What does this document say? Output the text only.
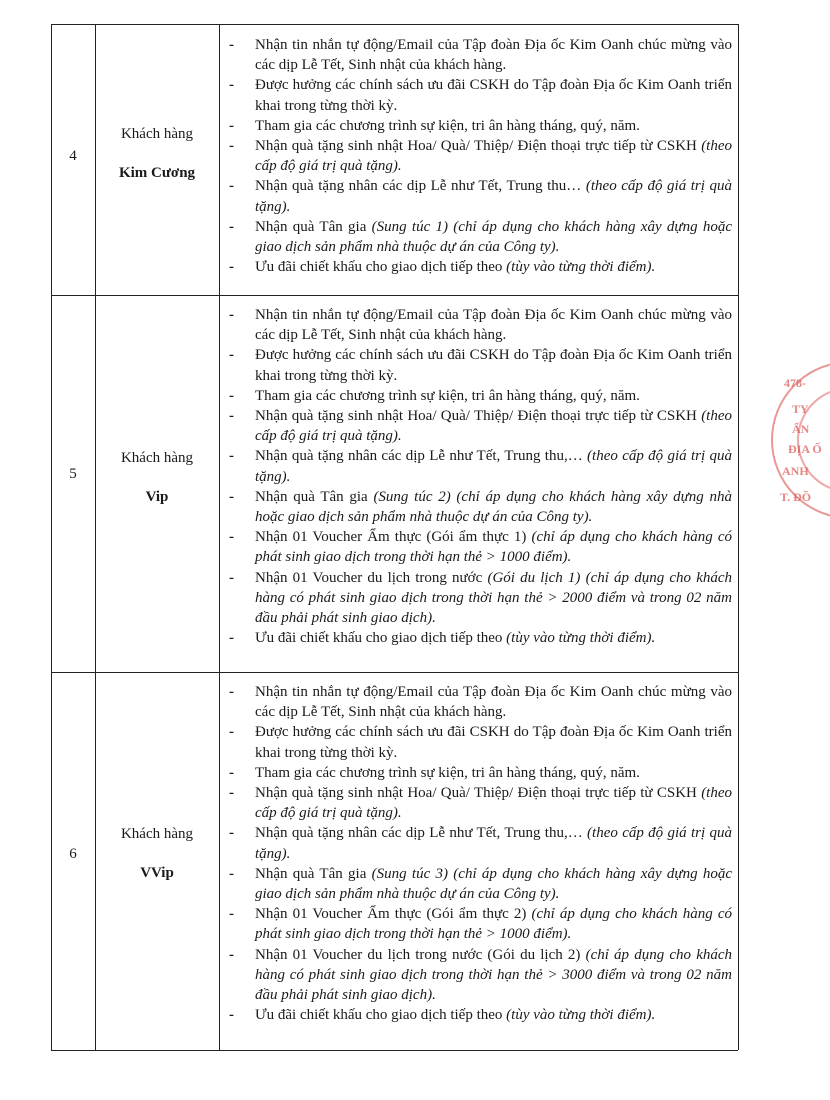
4
Khách hàng
Kim Cương
- Nhận tin nhắn tự động/Email của Tập đoàn Địa ốc Kim Oanh chúc mừng vào các dịp Lễ Tết, Sinh nhật của khách hàng.
- Được hưởng các chính sách ưu đãi CSKH do Tập đoàn Địa ốc Kim Oanh triển khai trong từng thời kỳ.
- Tham gia các chương trình sự kiện, tri ân hàng tháng, quý, năm.
- Nhận quà tặng sinh nhật Hoa/ Quà/ Thiệp/ Điện thoại trực tiếp từ CSKH (theo cấp độ giá trị quà tặng).
- Nhận quà tặng nhân các dịp Lễ như Tết, Trung thu… (theo cấp độ giá trị quà tặng).
- Nhận quà Tân gia (Sung túc 1) (chỉ áp dụng cho khách hàng xây dựng hoặc giao dịch sản phẩm nhà thuộc dự án của Công ty).
- Ưu đãi chiết khấu cho giao dịch tiếp theo (tùy vào từng thời điểm).
5
Khách hàng
Vip
- Nhận tin nhắn tự động/Email của Tập đoàn Địa ốc Kim Oanh chúc mừng vào các dịp Lễ Tết, Sinh nhật của khách hàng.
- Được hưởng các chính sách ưu đãi CSKH do Tập đoàn Địa ốc Kim Oanh triển khai trong từng thời kỳ.
- Tham gia các chương trình sự kiện, tri ân hàng tháng, quý, năm.
- Nhận quà tặng sinh nhật Hoa/ Quà/ Thiệp/ Điện thoại trực tiếp từ CSKH (theo cấp độ giá trị quà tặng).
- Nhận quà tặng nhân các dịp Lễ như Tết, Trung thu,… (theo cấp độ giá trị quà tặng).
- Nhận quà Tân gia (Sung túc 2) (chỉ áp dụng cho khách hàng xây dựng nhà hoặc giao dịch sản phẩm nhà thuộc dự án của Công ty).
- Nhận 01 Voucher Ẩm thực (Gói ẩm thực 1) (chỉ áp dụng cho khách hàng có phát sinh giao dịch trong thời hạn thẻ > 1000 điểm).
- Nhận 01 Voucher du lịch trong nước (Gói du lịch 1) (chỉ áp dụng cho khách hàng có phát sinh giao dịch trong thời hạn thẻ > 2000 điểm và trong 02 năm đầu phải phát sinh giao dịch).
- Ưu đãi chiết khấu cho giao dịch tiếp theo (tùy vào từng thời điểm).
6
Khách hàng
VVip
- Nhận tin nhắn tự động/Email của Tập đoàn Địa ốc Kim Oanh chúc mừng vào các dịp Lễ Tết, Sinh nhật của khách hàng.
- Được hưởng các chính sách ưu đãi CSKH do Tập đoàn Địa ốc Kim Oanh triển khai trong từng thời kỳ.
- Tham gia các chương trình sự kiện, tri ân hàng tháng, quý, năm.
- Nhận quà tặng sinh nhật Hoa/ Quà/ Thiệp/ Điện thoại trực tiếp từ CSKH (theo cấp độ giá trị quà tặng).
- Nhận quà tặng nhân các dịp Lễ như Tết, Trung thu,… (theo cấp độ giá trị quà tặng).
- Nhận quà Tân gia (Sung túc 3) (chỉ áp dụng cho khách hàng xây dựng hoặc giao dịch sản phẩm nhà thuộc dự án của Công ty).
- Nhận 01 Voucher Ẩm thực (Gói ẩm thực 2) (chỉ áp dụng cho khách hàng có phát sinh giao dịch trong thời hạn thẻ > 1000 điểm).
- Nhận 01 Voucher du lịch trong nước (Gói du lịch 2) (chỉ áp dụng cho khách hàng có phát sinh giao dịch trong thời hạn thẻ > 3000 điểm và trong 02 năm đầu phải phát sinh giao dịch).
- Ưu đãi chiết khấu cho giao dịch tiếp theo (tùy vào từng thời điểm).
478-
TY
ẤN
ĐỊA Ố
ANH
T. ĐỒ
